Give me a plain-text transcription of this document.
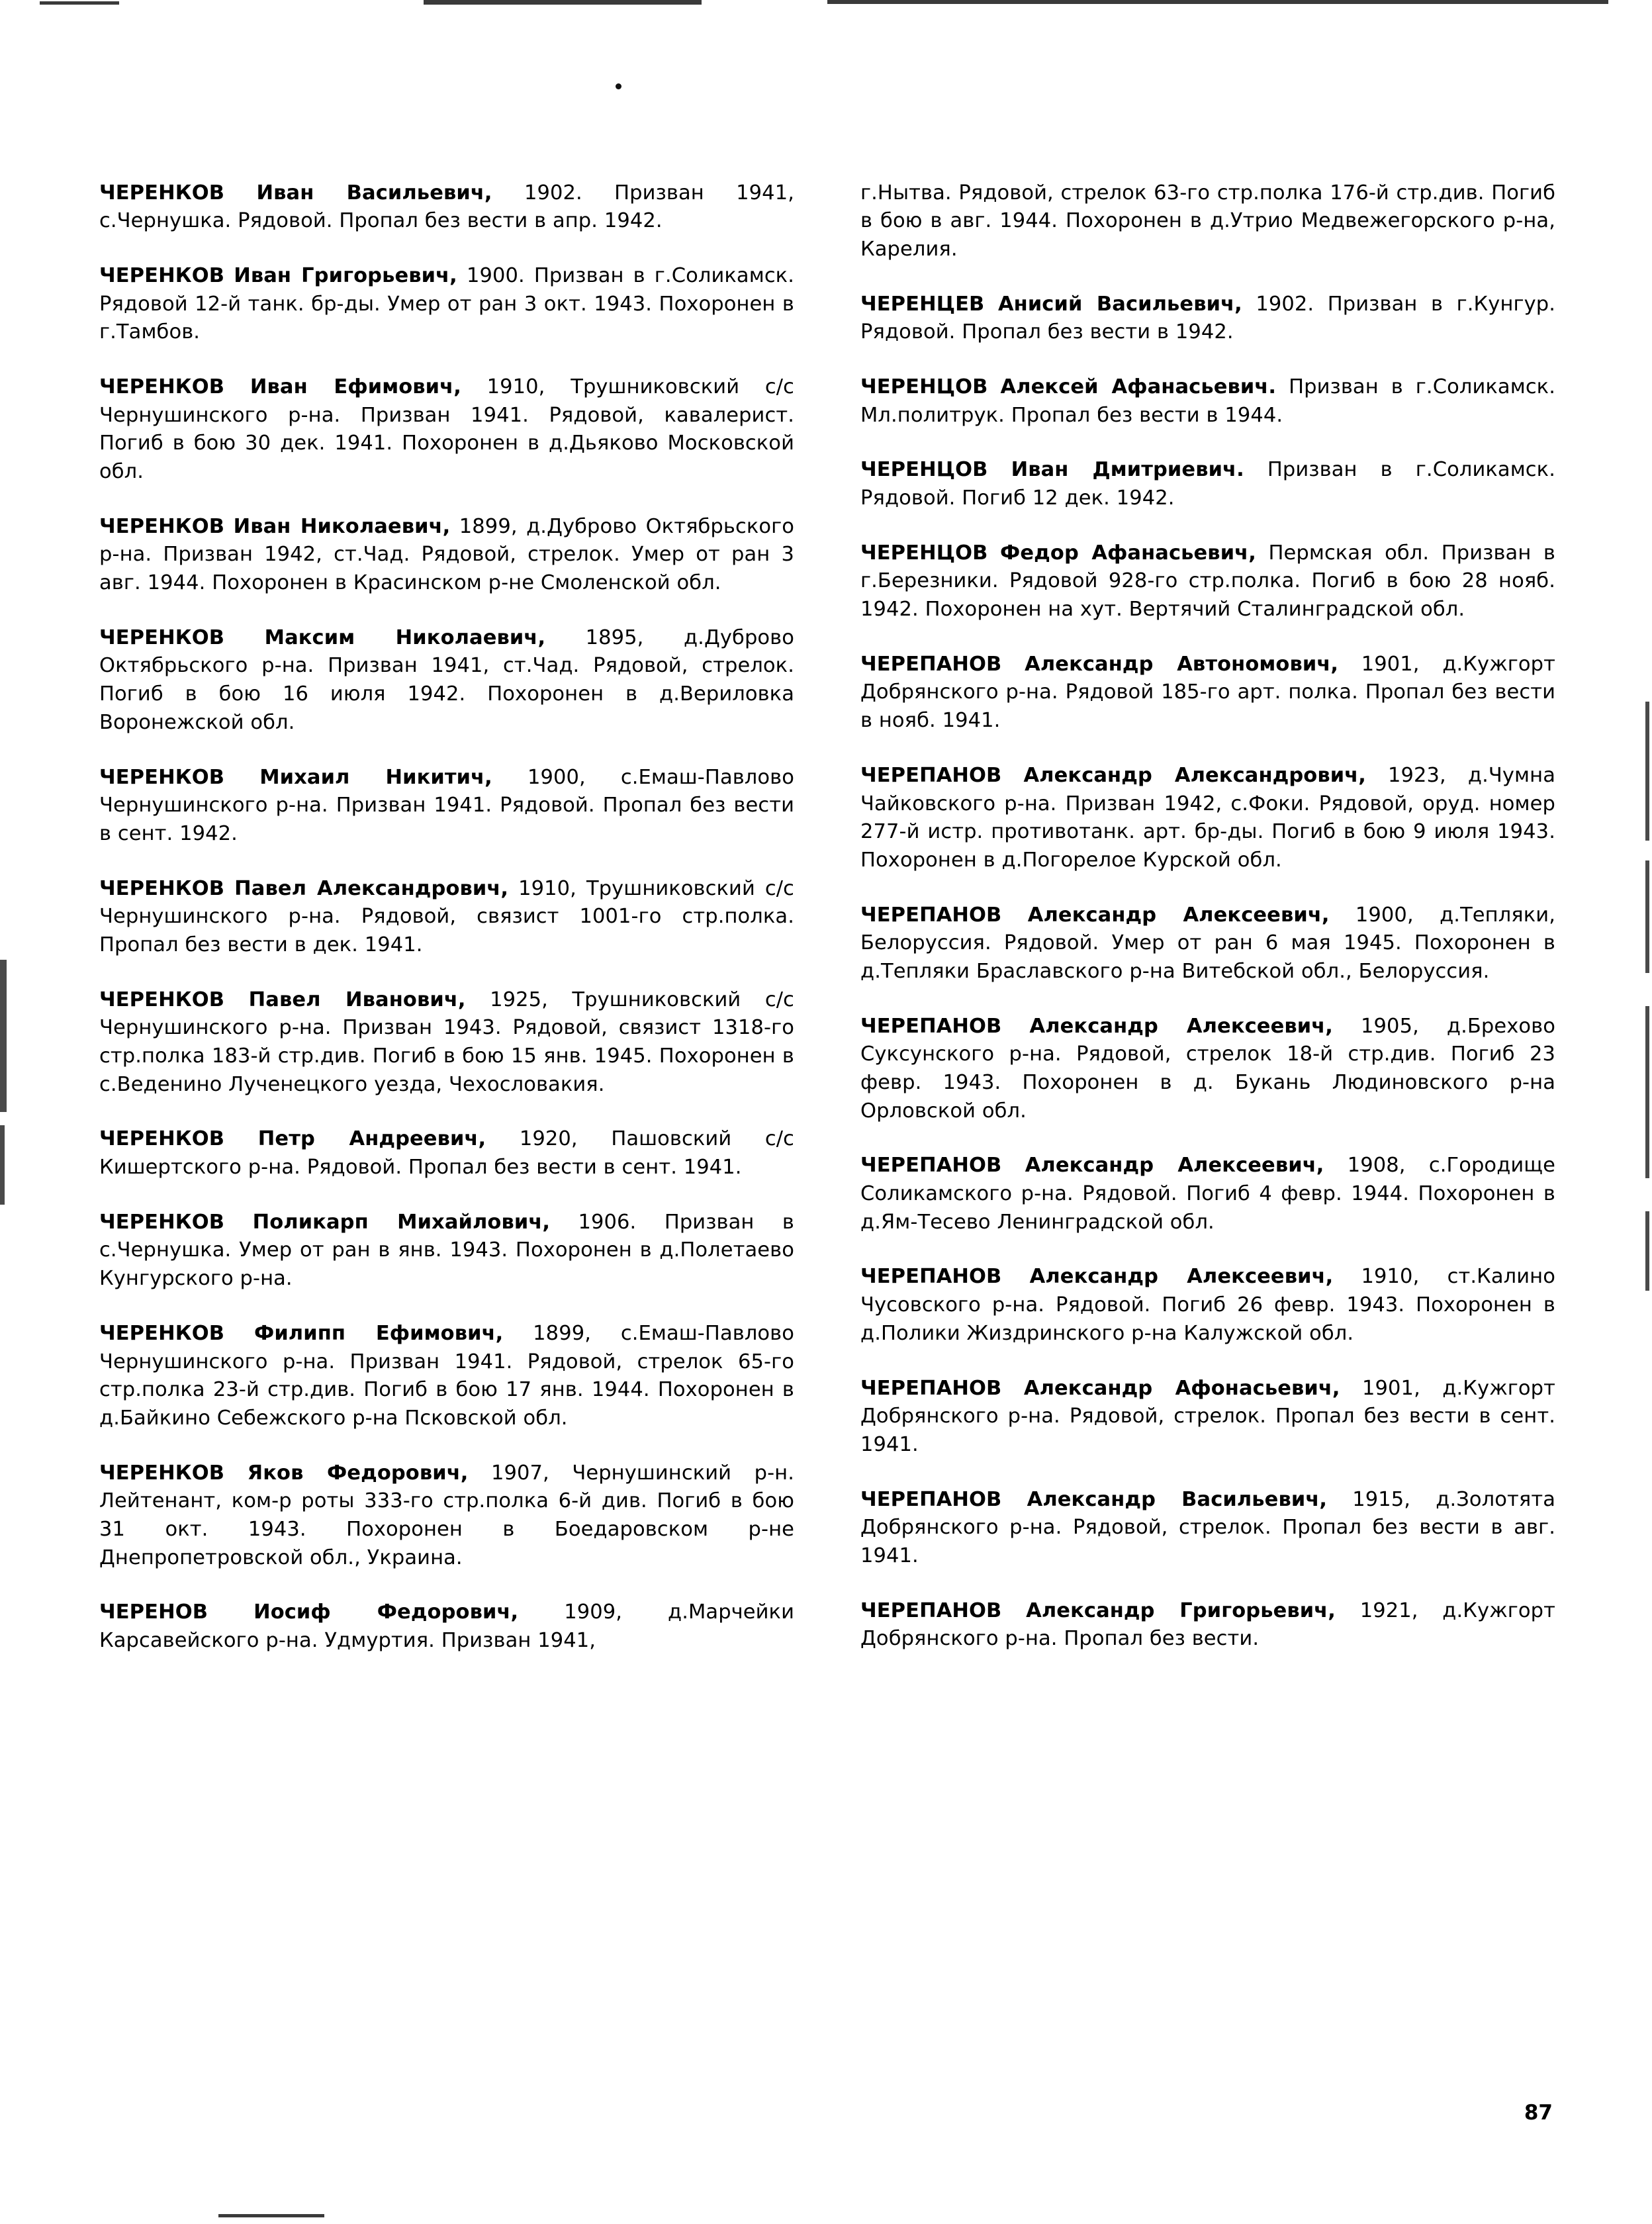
ЧЕРЕНКОВ Иван Васильевич, 1902. Призван 1941, с.Чернушка. Рядовой. Пропал без вести в апр. 1942.

ЧЕРЕНКОВ Иван Григорьевич, 1900. Призван в г.Соликамск. Рядовой 12-й танк. бр-ды. Умер от ран 3 окт. 1943. Похоронен в г.Тамбов.

ЧЕРЕНКОВ Иван Ефимович, 1910, Трушниковский с/с Чернушинского р-на. Призван 1941. Рядовой, кавалерист. Погиб в бою 30 дек. 1941. Похоронен в д.Дьяково Московской обл.

ЧЕРЕНКОВ Иван Николаевич, 1899, д.Дуброво Октябрьского р-на. Призван 1942, ст.Чад. Рядовой, стрелок. Умер от ран 3 авг. 1944. Похоронен в Красинском р-не Смоленской обл.

ЧЕРЕНКОВ Максим Николаевич, 1895, д.Дуброво Октябрьского р-на. Призван 1941, ст.Чад. Рядовой, стрелок. Погиб в бою 16 июля 1942. Похоронен в д.Вериловка Воронежской обл.

ЧЕРЕНКОВ Михаил Никитич, 1900, с.Емаш-Павлово Чернушинского р-на. Призван 1941. Рядовой. Пропал без вести в сент. 1942.

ЧЕРЕНКОВ Павел Александрович, 1910, Трушниковский с/с Чернушинского р-на. Рядовой, связист 1001-го стр.полка. Пропал без вести в дек. 1941.

ЧЕРЕНКОВ Павел Иванович, 1925, Трушниковский с/с Чернушинского р-на. Призван 1943. Рядовой, связист 1318-го стр.полка 183-й стр.див. Погиб в бою 15 янв. 1945. Похоронен в с.Веденино Лученецкого уезда, Чехословакия.

ЧЕРЕНКОВ Петр Андреевич, 1920, Пашовский с/с Кишертского р-на. Рядовой. Пропал без вести в сент. 1941.

ЧЕРЕНКОВ Поликарп Михайлович, 1906. Призван в с.Чернушка. Умер от ран в янв. 1943. Похоронен в д.Полетаево Кунгурского р-на.

ЧЕРЕНКОВ Филипп Ефимович, 1899, с.Емаш-Павлово Чернушинского р-на. Призван 1941. Рядовой, стрелок 65-го стр.полка 23-й стр.див. Погиб в бою 17 янв. 1944. Похоронен в д.Байкино Себежского р-на Псковской обл.

ЧЕРЕНКОВ Яков Федорович, 1907, Чернушинский р-н. Лейтенант, ком-р роты 333-го стр.полка 6-й див. Погиб в бою 31 окт. 1943. Похоронен в Боедаровском р-не Днепропетровской обл., Украина.

ЧЕРЕНОВ Иосиф Федорович, 1909, д.Марчейки Карсавейского р-на. Удмуртия. Призван 1941,

г.Нытва. Рядовой, стрелок 63-го стр.полка 176-й стр.див. Погиб в бою в авг. 1944. Похоронен в д.Утрио Медвежегорского р-на, Карелия.

ЧЕРЕНЦЕВ Анисий Васильевич, 1902. Призван в г.Кунгур. Рядовой. Пропал без вести в 1942.

ЧЕРЕНЦОВ Алексей Афанасьевич. Призван в г.Соликамск. Мл.политрук. Пропал без вести в 1944.

ЧЕРЕНЦОВ Иван Дмитриевич. Призван в г.Соликамск. Рядовой. Погиб 12 дек. 1942.

ЧЕРЕНЦОВ Федор Афанасьевич, Пермская обл. Призван в г.Березники. Рядовой 928-го стр.полка. Погиб в бою 28 нояб. 1942. Похоронен на хут. Вертячий Сталинградской обл.

ЧЕРЕПАНОВ Александр Автономович, 1901, д.Кужгорт Добрянского р-на. Рядовой 185-го арт. полка. Пропал без вести в нояб. 1941.

ЧЕРЕПАНОВ Александр Александрович, 1923, д.Чумна Чайковского р-на. Призван 1942, с.Фоки. Рядовой, оруд. номер 277-й истр. противотанк. арт. бр-ды. Погиб в бою 9 июля 1943. Похоронен в д.Погорелое Курской обл.

ЧЕРЕПАНОВ Александр Алексеевич, 1900, д.Тепляки, Белоруссия. Рядовой. Умер от ран 6 мая 1945. Похоронен в д.Тепляки Браславского р-на Витебской обл., Белоруссия.

ЧЕРЕПАНОВ Александр Алексеевич, 1905, д.Брехово Суксунского р-на. Рядовой, стрелок 18-й стр.див. Погиб 23 февр. 1943. Похоронен в д. Букань Людиновского р-на Орловской обл.

ЧЕРЕПАНОВ Александр Алексеевич, 1908, с.Городище Соликамского р-на. Рядовой. Погиб 4 февр. 1944. Похоронен в д.Ям-Тесево Ленинградской обл.

ЧЕРЕПАНОВ Александр Алексеевич, 1910, ст.Калино Чусовского р-на. Рядовой. Погиб 26 февр. 1943. Похоронен в д.Полики Жиздринского р-на Калужской обл.

ЧЕРЕПАНОВ Александр Афонасьевич, 1901, д.Кужгорт Добрянского р-на. Рядовой, стрелок. Пропал без вести в сент. 1941.

ЧЕРЕПАНОВ Александр Васильевич, 1915, д.Золотята Добрянского р-на. Рядовой, стрелок. Пропал без вести в авг. 1941.

ЧЕРЕПАНОВ Александр Григорьевич, 1921, д.Кужгорт Добрянского р-на. Пропал без вести.

87
